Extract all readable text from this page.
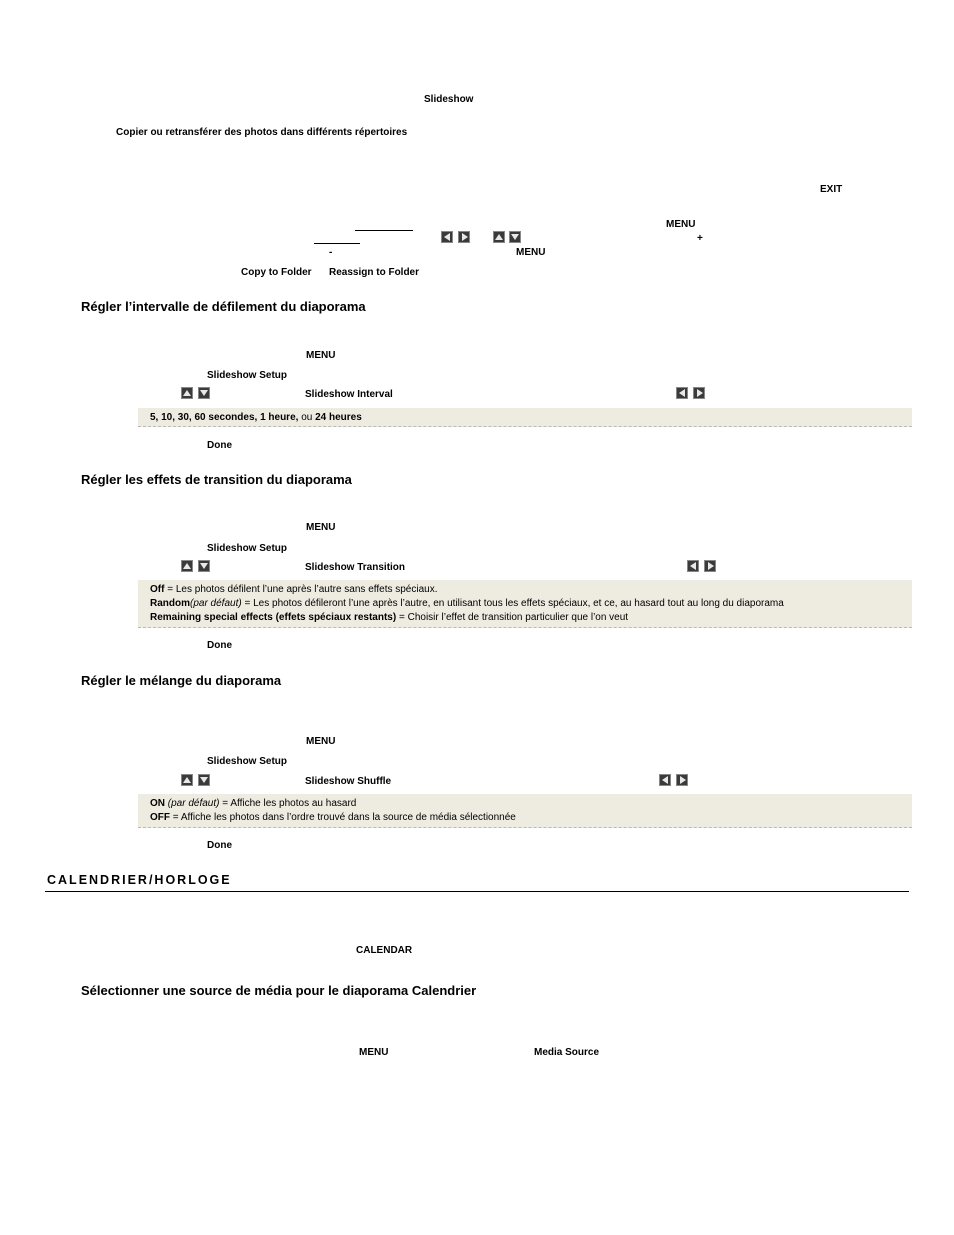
Slideshow
Copier ou retransférer des photos dans différents répertoires
EXIT
MENU
+
-	MENU
Copy to Folder Reassign to Folder
Régler l’intervalle de défilement du diaporama
MENU
Slideshow Setup
Slideshow Interval
5, 10, 30, 60 secondes, 1 heure, ou 24 heures
Done
Régler les effets de transition du diaporama
MENU
Slideshow Setup
Slideshow Transition
Off = Les photos défilent l’une après l’autre sans effets spéciaux.
Random(par défaut) = Les photos défileront l’une après l’autre, en utilisant tous les effets spéciaux, et ce, au hasard tout au long du diaporama
Remaining special effects (effets spéciaux restants) = Choisir l’effet de transition particulier que l’on veut
Done
Régler le mélange du diaporama
MENU
Slideshow Setup
Slideshow Shuffle
ON (par défaut) = Affiche les photos au hasard
OFF = Affiche les photos dans l’ordre trouvé dans la source de média sélectionnée
Done
CALENDRIER/HORLOGE
CALENDAR
Sélectionner une source de média pour le diaporama Calendrier
MENU	Media Source
